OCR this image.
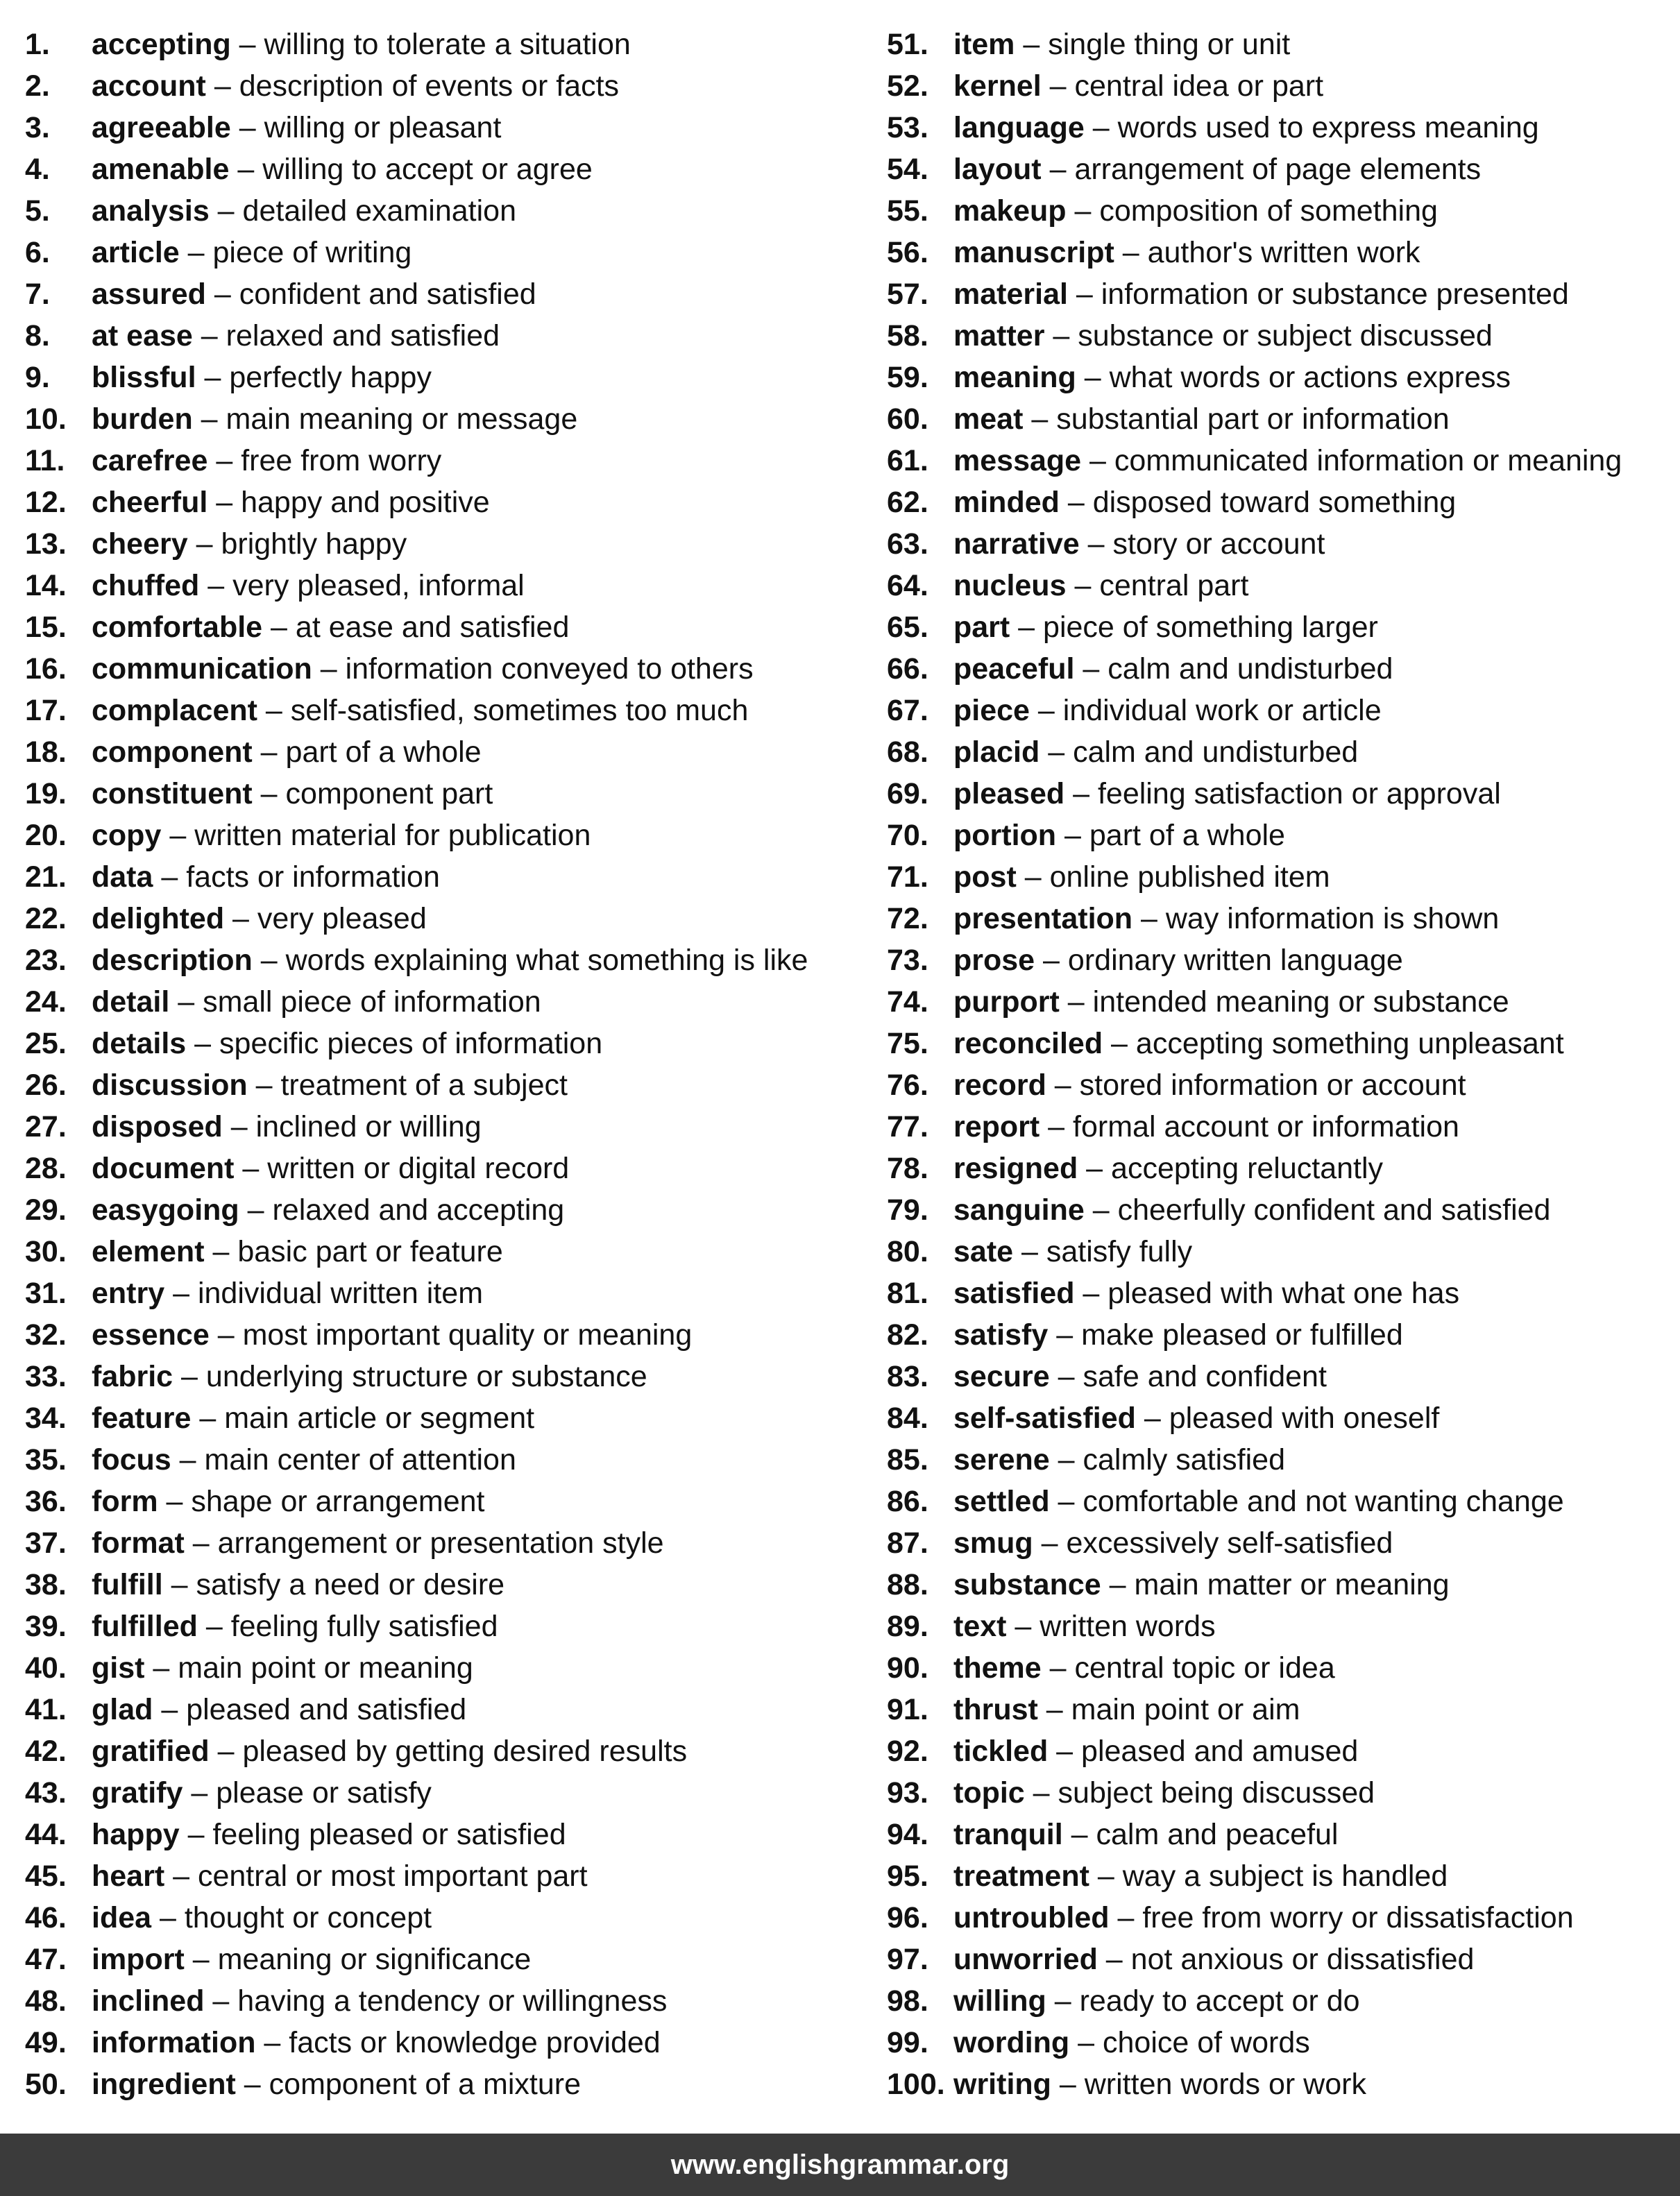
1. accepting – willing to tolerate a situation
2. account – description of events or facts
3. agreeable – willing or pleasant
4. amenable – willing to accept or agree
5. analysis – detailed examination
6. article – piece of writing
7. assured – confident and satisfied
8. at ease – relaxed and satisfied
9. blissful – perfectly happy
10. burden – main meaning or message
11. carefree – free from worry
12. cheerful – happy and positive
13. cheery – brightly happy
14. chuffed – very pleased, informal
15. comfortable – at ease and satisfied
16. communication – information conveyed to others
17. complacent – self-satisfied, sometimes too much
18. component – part of a whole
19. constituent – component part
20. copy – written material for publication
21. data – facts or information
22. delighted – very pleased
23. description – words explaining what something is like
24. detail – small piece of information
25. details – specific pieces of information
26. discussion – treatment of a subject
27. disposed – inclined or willing
28. document – written or digital record
29. easygoing – relaxed and accepting
30. element – basic part or feature
31. entry – individual written item
32. essence – most important quality or meaning
33. fabric – underlying structure or substance
34. feature – main article or segment
35. focus – main center of attention
36. form – shape or arrangement
37. format – arrangement or presentation style
38. fulfill – satisfy a need or desire
39. fulfilled – feeling fully satisfied
40. gist – main point or meaning
41. glad – pleased and satisfied
42. gratified – pleased by getting desired results
43. gratify – please or satisfy
44. happy – feeling pleased or satisfied
45. heart – central or most important part
46. idea – thought or concept
47. import – meaning or significance
48. inclined – having a tendency or willingness
49. information – facts or knowledge provided
50. ingredient – component of a mixture
51. item – single thing or unit
52. kernel – central idea or part
53. language – words used to express meaning
54. layout – arrangement of page elements
55. makeup – composition of something
56. manuscript – author's written work
57. material – information or substance presented
58. matter – substance or subject discussed
59. meaning – what words or actions express
60. meat – substantial part or information
61. message – communicated information or meaning
62. minded – disposed toward something
63. narrative – story or account
64. nucleus – central part
65. part – piece of something larger
66. peaceful – calm and undisturbed
67. piece – individual work or article
68. placid – calm and undisturbed
69. pleased – feeling satisfaction or approval
70. portion – part of a whole
71. post – online published item
72. presentation – way information is shown
73. prose – ordinary written language
74. purport – intended meaning or substance
75. reconciled – accepting something unpleasant
76. record – stored information or account
77. report – formal account or information
78. resigned – accepting reluctantly
79. sanguine – cheerfully confident and satisfied
80. sate – satisfy fully
81. satisfied – pleased with what one has
82. satisfy – make pleased or fulfilled
83. secure – safe and confident
84. self-satisfied – pleased with oneself
85. serene – calmly satisfied
86. settled – comfortable and not wanting change
87. smug – excessively self-satisfied
88. substance – main matter or meaning
89. text – written words
90. theme – central topic or idea
91. thrust – main point or aim
92. tickled – pleased and amused
93. topic – subject being discussed
94. tranquil – calm and peaceful
95. treatment – way a subject is handled
96. untroubled – free from worry or dissatisfaction
97. unworried – not anxious or dissatisfied
98. willing – ready to accept or do
99. wording – choice of words
100. writing – written words or work
www.englishgrammar.org
